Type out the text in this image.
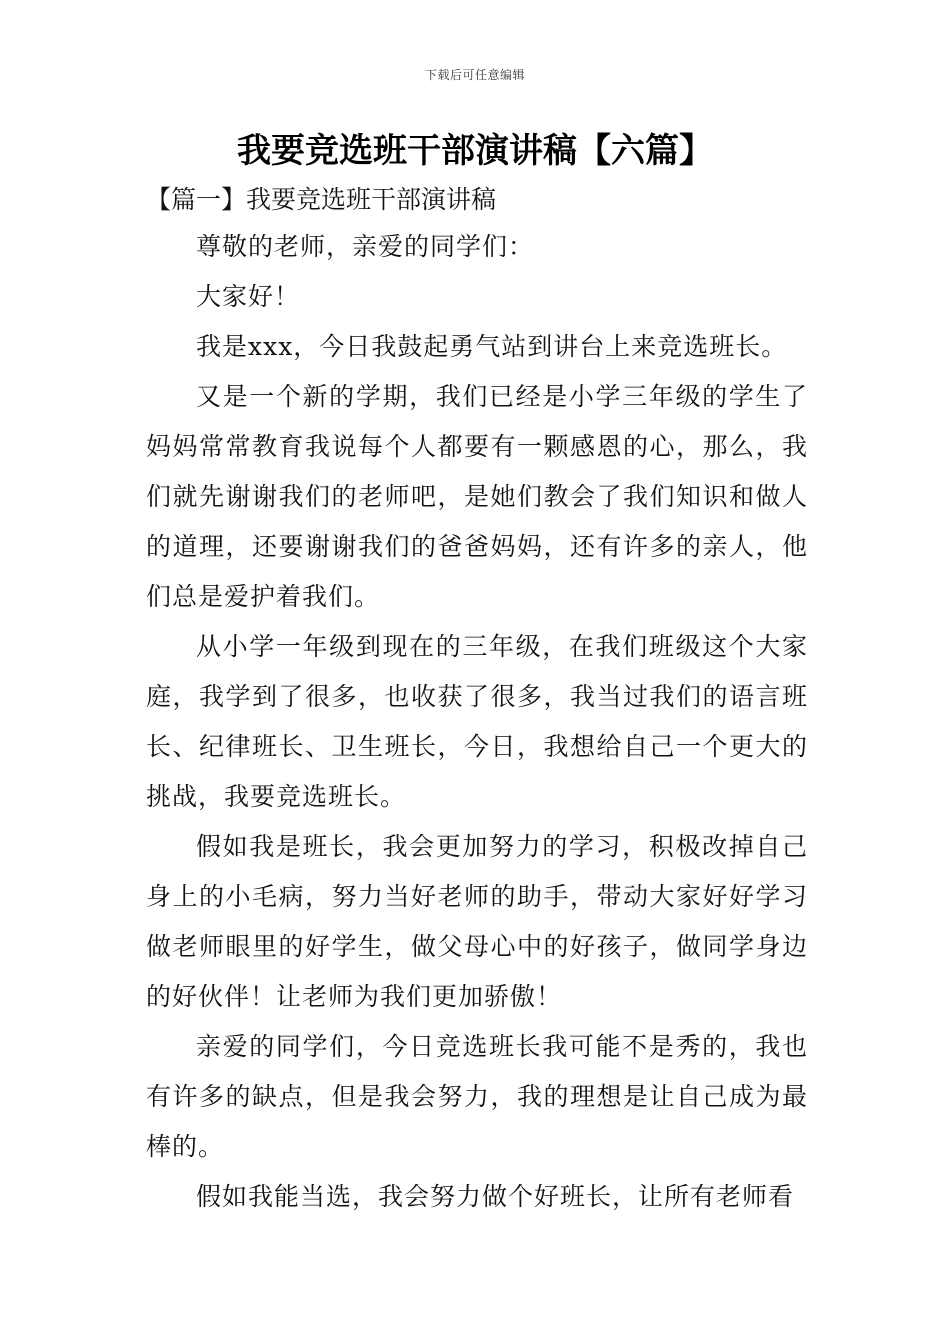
下载后可任意编辑
我要竞选班干部演讲稿【六篇】
【篇一】我要竞选班干部演讲稿

尊敬的老师，亲爱的同学们：

大家好！

我是xxx，今日我鼓起勇气站到讲台上来竞选班长。

又是一个新的学期，我们已经是小学三年级的学生了妈妈常常教育我说每个人都要有一颗感恩的心，那么，我们就先谢谢我们的老师吧，是她们教会了我们知识和做人的道理，还要谢谢我们的爸爸妈妈，还有许多的亲人，他们总是爱护着我们。

从小学一年级到现在的三年级，在我们班级这个大家庭，我学到了很多，也收获了很多，我当过我们的语言班长、纪律班长、卫生班长，今日，我想给自己一个更大的挑战，我要竞选班长。

假如我是班长，我会更加努力的学习，积极改掉自己身上的小毛病，努力当好老师的助手，带动大家好好学习做老师眼里的好学生，做父母心中的好孩子，做同学身边的好伙伴！让老师为我们更加骄傲！

亲爱的同学们，今日竞选班长我可能不是秀的，我也有许多的缺点，但是我会努力，我的理想是让自己成为最棒的。

假如我能当选，我会努力做个好班长，让所有老师看
